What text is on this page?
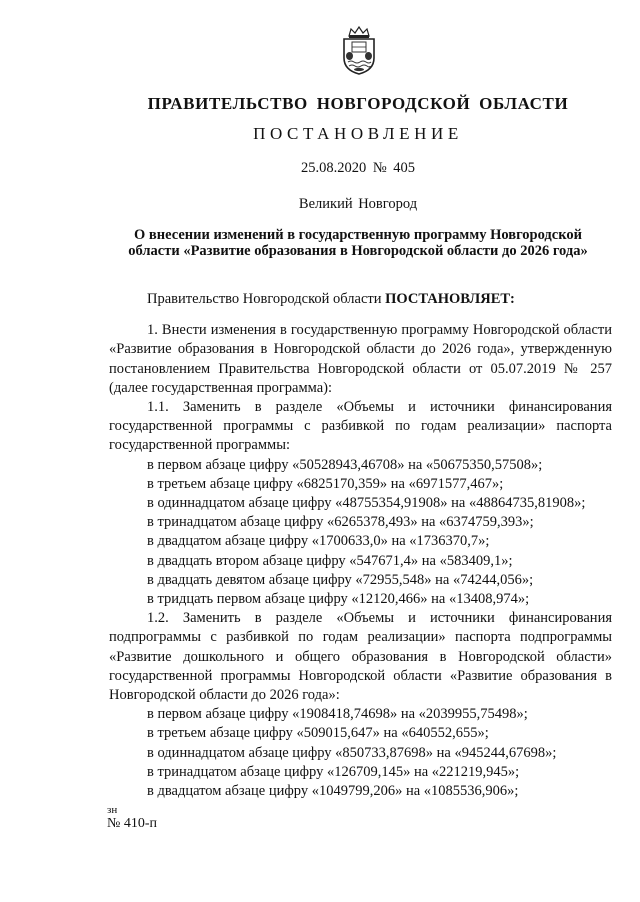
ПРАВИТЕЛЬСТВО НОВГОРОДСКОЙ ОБЛАСТИ
ПОСТАНОВЛЕНИЕ
25.08.2020 № 405
Великий Новгород
О внесении изменений в государственную программу Новгородской области «Развитие образования в Новгородской области до 2026 года»

Правительство Новгородской области ПОСТАНОВЛЯЕТ:

1. Внести изменения в государственную программу Новгородской области «Развитие образования в Новгородской области до 2026 года», утвержденную постановлением Правительства Новгородской области от 05.07.2019 № 257 (далее государственная программа):

1.1. Заменить в разделе «Объемы и источники финансирования государственной программы с разбивкой по годам реализации» паспорта государственной программы:

в первом абзаце цифру «50528943,46708» на «50675350,57508»;

в третьем абзаце цифру «6825170,359» на «6971577,467»;

в одиннадцатом абзаце цифру «48755354,91908» на «48864735,81908»;

в тринадцатом абзаце цифру «6265378,493» на «6374759,393»;

в двадцатом абзаце цифру «1700633,0» на «1736370,7»;

в двадцать втором абзаце цифру «547671,4» на «583409,1»;

в двадцать девятом абзаце цифру «72955,548» на «74244,056»;

в тридцать первом абзаце цифру «12120,466» на «13408,974»;

1.2. Заменить в разделе «Объемы и источники финансирования подпрограммы с разбивкой по годам реализации» паспорта подпрограммы «Развитие дошкольного и общего образования в Новгородской области» государственной программы Новгородской области «Развитие образования в Новгородской области до 2026 года»:

в первом абзаце цифру «1908418,74698» на «2039955,75498»;

в третьем абзаце цифру «509015,647» на «640552,655»;

в одиннадцатом абзаце цифру «850733,87698» на «945244,67698»;

в тринадцатом абзаце цифру «126709,145» на «221219,945»;

в двадцатом абзаце цифру «1049799,206» на «1085536,906»;

зн
№ 410-п
